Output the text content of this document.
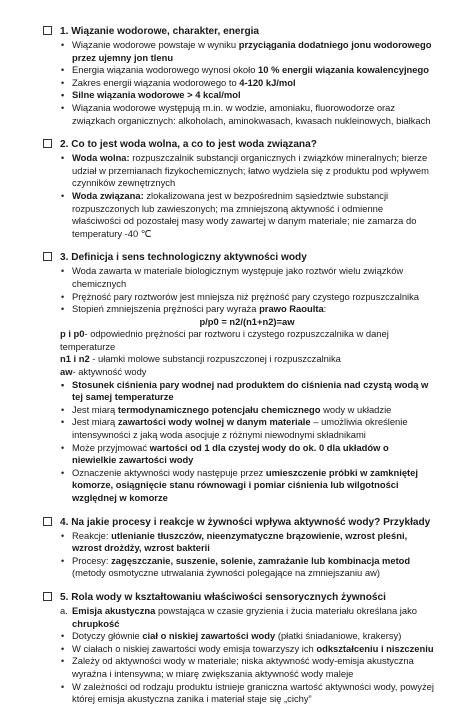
1. Wiązanie wodorowe, charakter, energia
• Wiązanie wodorowe powstaje w wyniku przyciągania dodatniego jonu wodorowego przez ujemny jon tlenu
• Energia wiązania wodorowego wynosi około 10 % energii wiązania kowalencyjnego
• Zakres energii wiązania wodorowego to 4-120 kJ/mol
• Silne wiązania wodorowe > 4 kcal/mol
• Wiązania wodorowe występują m.in. w wodzie, amoniaku, fluorowodorze oraz związkach organicznych: alkoholach, aminokwasach, kwasach nukleinowych, białkach
2. Co to jest woda wolna, a co to jest woda związana?
• Woda wolna: rozpuszczalnik substancji organicznych i związków mineralnych; bierze udział w przemianach fizykochemicznych; łatwo wydziela się z produktu pod wpływem czynników zewnętrznych
• Woda związana: zlokalizowana jest w bezpośrednim sąsiedztwie substancji rozpuszczonych lub zawieszonych; ma zmniejszoną aktywność i odmienne właściwości od pozostałej masy wody zawartej w danym materiale; nie zamarza do temperatury -40 ℃
3. Definicja i sens technologiczny aktywności wody
• Woda zawarta w materiale biologicznym występuje jako roztwór wielu związków chemicznych
• Prężność pary roztworów jest mniejsza niż prężność pary czystego rozpuszczalnika
• Stopień zmniejszenia prężności pary wyraża prawo Raoulta:
p/p0 = n2/(n1+n2)=aw
p i p0- odpowiednio prężności par roztworu i czystego rozpuszczalnika w danej temperaturze
n1 i n2 - ułamki molowe substancji rozpuszczonej i rozpuszczalnika
aw- aktywność wody
• Stosunek ciśnienia pary wodnej nad produktem do ciśnienia nad czystą wodą w tej samej temperaturze
• Jest miarą termodynamicznego potencjału chemicznego wody w układzie
• Jest miarą zawartości wody wolnej w danym materiale – umożliwia określenie intensywności z jaką woda asocjuje z różnymi niewodnymi składnikami
• Może przyjmować wartości od 1 dla czystej wody do ok. 0 dla układów o niewielkie zawartości wody
• Oznaczenie aktywności wody następuje przez umieszczenie próbki w zamkniętej komorze, osiągnięcie stanu równowagi i pomiar ciśnienia lub wilgotności względnej w komorze
4. Na jakie procesy i reakcje w żywności wpływa aktywność wody? Przykłady
• Reakcje: utlenianie tłuszczów, nieenzymatyczne brązowienie, wzrost pleśni, wzrost drożdży, wzrost bakterii
• Procesy: zagęszczanie, suszenie, solenie, zamrażanie lub kombinacja metod (metody osmotyczne utrwalania żywności polegające na zmniejszaniu aw)
5. Rola wody w kształtowaniu właściwości sensorycznych żywności
a. Emisja akustyczna powstająca w czasie gryzienia i żucia materiału określana jako chrupkość
• Dotyczy głównie ciał o niskiej zawartości wody (płatki śniadaniowe, krakersy)
• W ciałach o niskiej zawartości wody emisja towarzyszy ich odkształceniu i niszczeniu
• Zależy od aktywności wody w materiale; niska aktywność wody-emisja akustyczna wyraźna i intensywna; w miarę zwiększania aktywność wody maleje
• W zależności od rodzaju produktu istnieje graniczna wartość aktywności wody, powyżej której emisja akustyczna zanika i materiał staje się „cichy”
